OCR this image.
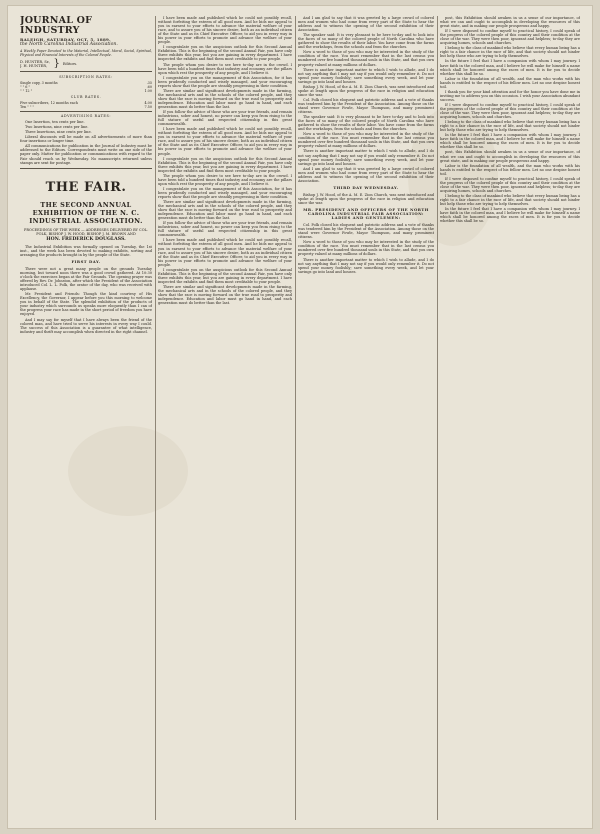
JOURNAL OF INDUSTRY
RALEIGH, SATURDAY, OCT. 5, 1889.
the North Carolina Industrial Association.
A Weekly Paper Devoted to the Material, Intellectual, Moral, Social, Spiritual, Physical and Financial Interests of the Colored People.
D. HUNTER, Sr.,
J. H. HUNTER, } Editors.
SUBSCRIPTION RATES:
Single copy, 3 months	.35
" " 6 "	.60
" " 12 "	1.00
CLUB RATES.
Five subscribers, 12 months each	4.00
Ten " " "	7.50
ADVERTISING RATES:
One Insertion, ten cents per line.
Two Insertions, nine cents per line.
Three Insertions, nine cents per line.
Liberal discounts will be made on all advertisements of more than four insertions or longer time.
All communications for publication in the Journal of Industry must be addressed to the Editors. Correspondents must write on one side of the paper only. Matter for publication or communications with regard to the Fair should reach us by Wednesday. No manuscripts returned unless stamps are sent for postage.
THE FAIR.
THE SECOND ANNUAL EXHIBITION OF THE N. C. INDUSTRIAL ASSOCIATION.
PROCEEDINGS OF THE WEEK — ADDRESSES DELIVERED BY COL. POLK, BISHOP J. W. HOOD, BISHOP J. M. BROWN AND
HON. FREDERICK DOUGLASS.
The Industrial Exhibition was formally opened on Tuesday, the 1st inst., and the week has been devoted to making exhibits, sorting and arranging the products brought in by the people of the State.
FIRST DAY.
There were not a great many people on the grounds Tuesday morning, but toward noon there was a good crowd gathered. At 10:30 o'clock the exercises began at the Fair Grounds. The opening prayer was offered by Rev. Dr. Johnston, after which the President of the Association introduced Col. L. L. Polk, the orator of the day, who was received with applause.
Mr. President and Friends: Though the kind courtesy of His Excellency, the Governor, I appear before you this morning to welcome you in behalf of the State. The splendid exhibition of the products of your industry which surrounds us speaks more eloquently than I can of the progress your race has made in the short period of freedom you have enjoyed.
And I may say for myself that I have always been the friend of the colored man, and have tried to serve his interests in every way I could. The success of this Association is a guarantee of what intelligence, industry and thrift may accomplish when directed in the right channel.
I have been made and published which he could not possibly recall, without forfeiting the esteem of all good men. And he bids me appeal to you in earnest to your efforts to advance the material welfare of your race, and to assure you of his sincere desire, both as an individual citizen of the State and as its Chief Executive Officer, to aid you in every way in his power in your efforts to promote and advance the welfare of your people.
I congratulate you on the auspicious outlook for this Second Annual Exhibition. This is the beginning of the second Annual Fair, you have only three exhibits this year, but you are gaining in every department. I have inspected the exhibits and find them most creditable to your people.
The people whom you desire to see here to-day are in the crowd. I have been told a hundred times that industry and economy are the pillars upon which rest the prosperity of any people, and I believe it.
I congratulate you on the management of this Association, for it has been prudently conducted and wisely managed, and your encouraging reports show that the people are steadily progressing in their condition.
There are similar and significant developments made in the farming, the mechanical arts and in the schools of the colored people, and they show that the race is moving forward on the true road to prosperity and independence. Education and labor must go hand in hand, and each generation must do better than the last.
If you follow the advice of those who are your true friends, and remain industrious, sober and honest, no power can keep you from rising to the full stature of useful and respected citizenship in this great commonwealth.
I have been made and published which he could not possibly recall, without forfeiting the esteem of all good men. And he bids me appeal to you in earnest to your efforts to advance the material welfare of your race, and to assure you of his sincere desire, both as an individual citizen of the State and as its Chief Executive Officer, to aid you in every way in his power in your efforts to promote and advance the welfare of your people.
I congratulate you on the auspicious outlook for this Second Annual Exhibition. This is the beginning of the second Annual Fair, you have only three exhibits this year, but you are gaining in every department. I have inspected the exhibits and find them most creditable to your people.
The people whom you desire to see here to-day are in the crowd. I have been told a hundred times that industry and economy are the pillars upon which rest the prosperity of any people, and I believe it.
I congratulate you on the management of this Association, for it has been prudently conducted and wisely managed, and your encouraging reports show that the people are steadily progressing in their condition.
There are similar and significant developments made in the farming, the mechanical arts and in the schools of the colored people, and they show that the race is moving forward on the true road to prosperity and independence. Education and labor must go hand in hand, and each generation must do better than the last.
If you follow the advice of those who are your true friends, and remain industrious, sober and honest, no power can keep you from rising to the full stature of useful and respected citizenship in this great commonwealth.
I have been made and published which he could not possibly recall, without forfeiting the esteem of all good men. And he bids me appeal to you in earnest to your efforts to advance the material welfare of your race, and to assure you of his sincere desire, both as an individual citizen of the State and as its Chief Executive Officer, to aid you in every way in his power in your efforts to promote and advance the welfare of your people.
I congratulate you on the auspicious outlook for this Second Annual Exhibition. This is the beginning of the second Annual Fair, you have only three exhibits this year, but you are gaining in every department. I have inspected the exhibits and find them most creditable to your people.
There are similar and significant developments made in the farming, the mechanical arts and in the schools of the colored people, and they show that the race is moving forward on the true road to prosperity and independence. Education and labor must go hand in hand, and each generation must do better than the last.
And I am glad to say that it was greeted by a large crowd of colored men and women who had come from every part of the State to hear the address and to witness the opening of the second exhibition of their Association.
The speaker said: It is very pleasant to be here to-day and to look into the faces of so many of the colored people of North Carolina who have gathered to show the results of their labor. You have come from the farms and the workshops, from the schools and from the churches.
Now a word to those of you who may be interested in the study of the condition of the race. You must remember that in the last census you numbered over five hundred thousand souls in this State, and that you own property valued at many millions of dollars.
There is another important matter to which I wish to allude, and I do not say anything that I may not say if you would only remember it. Do not spend your money foolishly; save something every week, and let your savings go into land and houses.
Bishop J. W. Hood, of the A. M. E. Zion Church, was next introduced and spoke at length upon the progress of the race in religion and education since the war.
Col. Polk closed his eloquent and patriotic address and a vote of thanks was tendered him by the President of the Association. Among those on the stand were Governor Fowle, Mayor Thompson, and many prominent citizens.
The speaker said: It is very pleasant to be here to-day and to look into the faces of so many of the colored people of North Carolina who have gathered to show the results of their labor. You have come from the farms and the workshops, from the schools and from the churches.
Now a word to those of you who may be interested in the study of the condition of the race. You must remember that in the last census you numbered over five hundred thousand souls in this State, and that you own property valued at many millions of dollars.
There is another important matter to which I wish to allude, and I do not say anything that I may not say if you would only remember it. Do not spend your money foolishly; save something every week, and let your savings go into land and houses.
And I am glad to say that it was greeted by a large crowd of colored men and women who had come from every part of the State to hear the address and to witness the opening of the second exhibition of their Association.
THIRD DAY WEDNESDAY.
Bishop J. W. Hood, of the A. M. E. Zion Church, was next introduced and spoke at length upon the progress of the race in religion and education since the war.
MR. PRESIDENT AND OFFICERS OF THE NORTH CAROLINA INDUSTRIAL FAIR ASSOCIATION: LADIES AND GENTLEMEN:
Col. Polk closed his eloquent and patriotic address and a vote of thanks was tendered him by the President of the Association. Among those on the stand were Governor Fowle, Mayor Thompson, and many prominent citizens.
Now a word to those of you who may be interested in the study of the condition of the race. You must remember that in the last census you numbered over five hundred thousand souls in this State, and that you own property valued at many millions of dollars.
There is another important matter to which I wish to allude, and I do not say anything that I may not say if you would only remember it. Do not spend your money foolishly; save something every week, and let your savings go into land and houses.
post, this Exhibition should awaken in us a sense of our importance, of what we can and ought to accomplish in developing the resources of this great state, and in making our people prosperous and happy.
If I were disposed to confine myself to practical history, I could speak of the progress of the colored people of this country and their condition at the close of the war. They were then poor, ignorant and helpless; to-day they are acquiring homes, schools and churches.
I belong to the class of mankind who believe that every human being has a right to a fair chance in the race of life, and that society should not hinder but help those who are trying to help themselves.
In the future I feel that I have a companion with whom I may journey. I have faith in the colored man, and I believe he will make for himself a name which shall be honored among the races of men. It is for you to decide whether this shall be so.
Labor is the foundation of all wealth, and the man who works with his hands is entitled to the respect of his fellow men. Let no one despise honest toil.
I thank you for your kind attention and for the honor you have done me in inviting me to address you on this occasion. I wish your Association abundant success.
If I were disposed to confine myself to practical history, I could speak of the progress of the colored people of this country and their condition at the close of the war. They were then poor, ignorant and helpless; to-day they are acquiring homes, schools and churches.
I belong to the class of mankind who believe that every human being has a right to a fair chance in the race of life, and that society should not hinder but help those who are trying to help themselves.
In the future I feel that I have a companion with whom I may journey. I have faith in the colored man, and I believe he will make for himself a name which shall be honored among the races of men. It is for you to decide whether this shall be so.
post, this Exhibition should awaken in us a sense of our importance, of what we can and ought to accomplish in developing the resources of this great state, and in making our people prosperous and happy.
Labor is the foundation of all wealth, and the man who works with his hands is entitled to the respect of his fellow men. Let no one despise honest toil.
If I were disposed to confine myself to practical history, I could speak of the progress of the colored people of this country and their condition at the close of the war. They were then poor, ignorant and helpless; to-day they are acquiring homes, schools and churches.
I belong to the class of mankind who believe that every human being has a right to a fair chance in the race of life, and that society should not hinder but help those who are trying to help themselves.
In the future I feel that I have a companion with whom I may journey. I have faith in the colored man, and I believe he will make for himself a name which shall be honored among the races of men. It is for you to decide whether this shall be so.
